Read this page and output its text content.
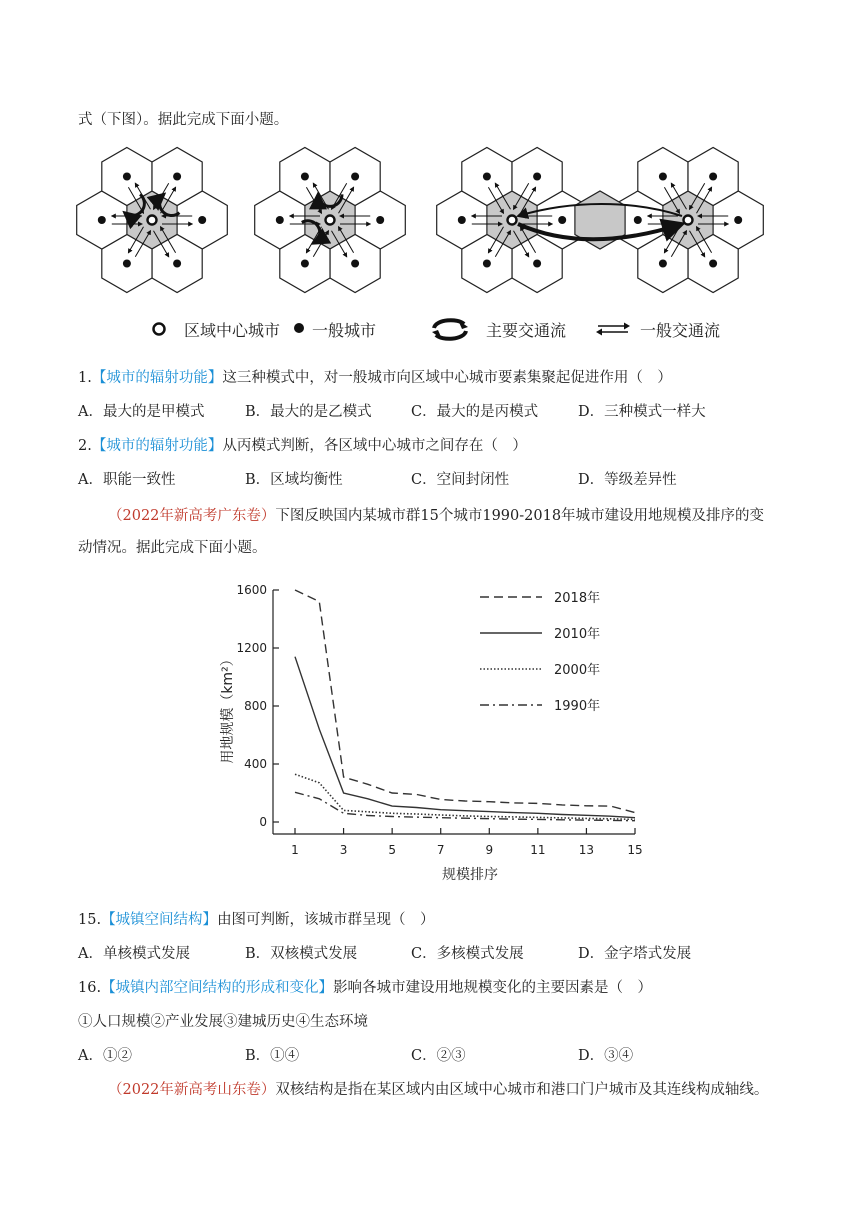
式（下图）。据此完成下面小题。
区域中心城市 一般城市	主要交通流	一般交通流
1.【城市的辐射功能】这三种模式中，对一般城市向区域中心城市要素集聚起促进作用（　）
A．最大的是甲模式	B．最大的是乙模式	C．最大的是丙模式	D．三种模式一样大
2.【城市的辐射功能】从丙模式判断，各区域中心城市之间存在（　）
A．职能一致性	B．区域均衡性	C．空间封闭性	D．等级差异性
（2022年新高考广东卷）下图反映国内某城市群15个城市1990-2018年城市建设用地规模及排序的变
动情况。据此完成下面小题。
0
400
800
1200
1600
1	3	5	7	9	11	13	15
2018年
2010年
2000年
1990年
规模排序
用地规模（km²）
15.【城镇空间结构】由图可判断，该城市群呈现（　）
A．单核模式发展	B．双核模式发展	C．多核模式发展	D．金字塔式发展
16.【城镇内部空间结构的形成和变化】影响各城市建设用地规模变化的主要因素是（　）
①人口规模②产业发展③建城历史④生态环境
A．①②	B．①④	C．②③	D．③④
（2022年新高考山东卷）双核结构是指在某区域内由区域中心城市和港口门户城市及其连线构成轴线。
